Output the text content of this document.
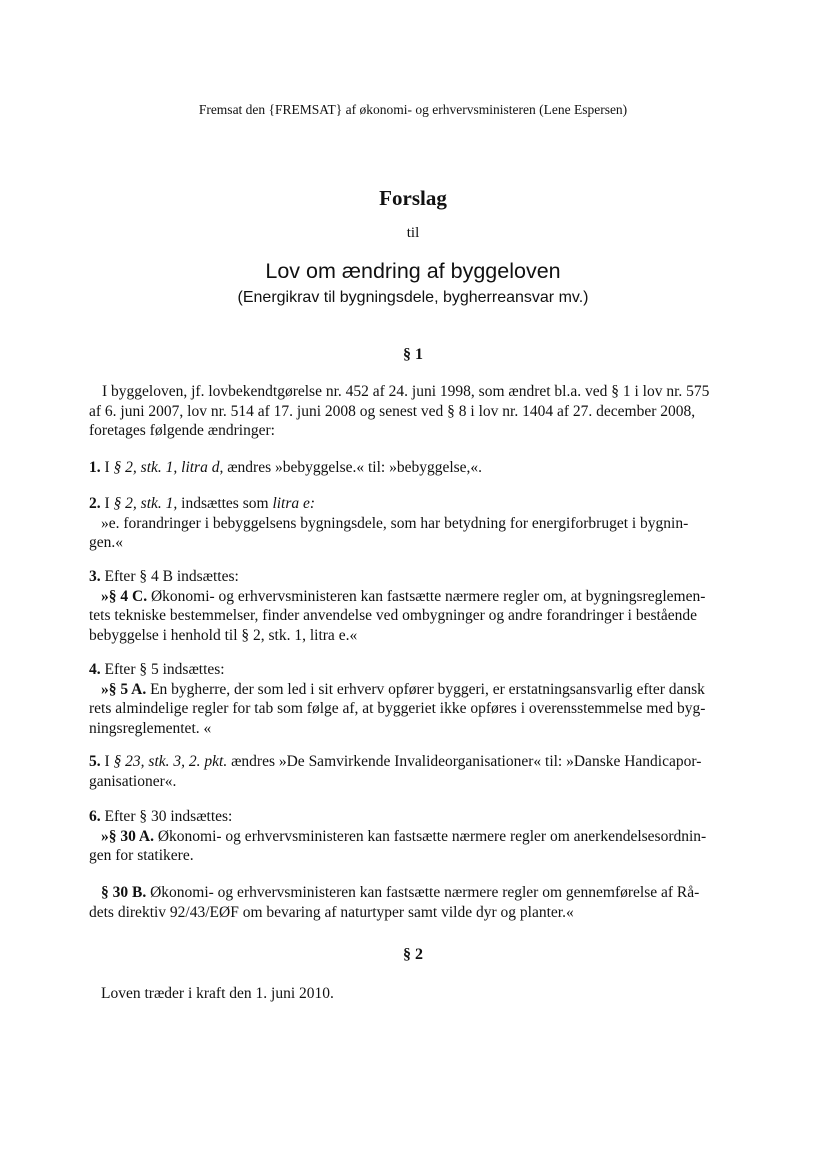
Fremsat den {FREMSAT} af økonomi- og erhvervsministeren (Lene Espersen)
Forslag
til
Lov om ændring af byggeloven
(Energikrav til bygningsdele, bygherreansvar mv.)
§ 1
I byggeloven, jf. lovbekendtgørelse nr. 452 af 24. juni 1998, som ændret bl.a. ved § 1 i lov nr. 575
af 6. juni 2007, lov nr. 514 af 17. juni 2008 og senest ved § 8 i lov nr. 1404 af 27. december 2008,
foretages følgende ændringer:
1. I § 2, stk. 1, litra d, ændres »bebyggelse.« til: »bebyggelse,«.
2. I § 2, stk. 1, indsættes som litra e:
»e. forandringer i bebyggelsens bygningsdele, som har betydning for energiforbruget i bygnin-
gen.«
3. Efter § 4 B indsættes:
»§ 4 C. Økonomi- og erhvervsministeren kan fastsætte nærmere regler om, at bygningsreglemen-
tets tekniske bestemmelser, finder anvendelse ved ombygninger og andre forandringer i bestående
bebyggelse i henhold til § 2, stk. 1, litra e.«
4. Efter § 5 indsættes:
»§ 5 A. En bygherre, der som led i sit erhverv opfører byggeri, er erstatningsansvarlig efter dansk
rets almindelige regler for tab som følge af, at byggeriet ikke opføres i overensstemmelse med byg-
ningsreglementet. «
5. I § 23, stk. 3, 2. pkt. ændres »De Samvirkende Invalideorganisationer« til: »Danske Handicapor-
ganisationer«.
6. Efter § 30 indsættes:
»§ 30 A. Økonomi- og erhvervsministeren kan fastsætte nærmere regler om anerkendelsesordnin-
gen for statikere.
§ 30 B. Økonomi- og erhvervsministeren kan fastsætte nærmere regler om gennemførelse af Rå-
dets direktiv 92/43/EØF om bevaring af naturtyper samt vilde dyr og planter.«
§ 2
Loven træder i kraft den 1. juni 2010.
